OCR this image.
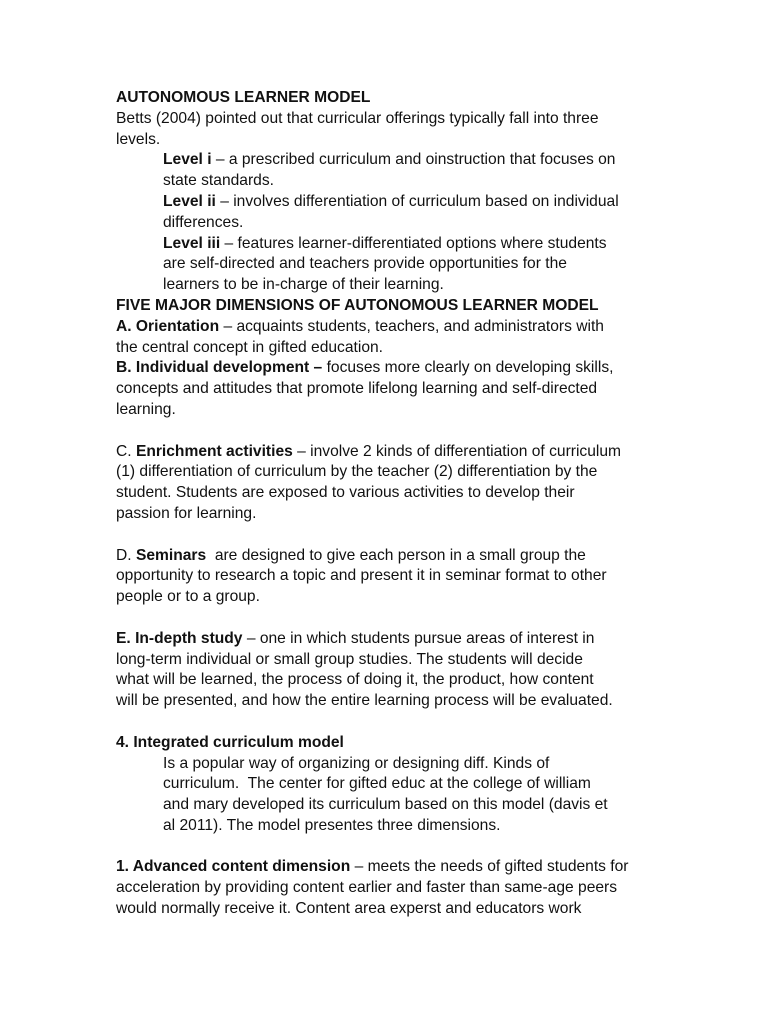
AUTONOMOUS LEARNER MODEL
Betts (2004) pointed out that curricular offerings typically fall into three
levels.
Level i – a prescribed curriculum and oinstruction that focuses on
state standards.
Level ii – involves differentiation of curriculum based on individual
differences.
Level iii – features learner-differentiated options where students
are self-directed and teachers provide opportunities for the
learners to be in-charge of their learning.
FIVE MAJOR DIMENSIONS OF AUTONOMOUS LEARNER MODEL
A. Orientation – acquaints students, teachers, and administrators with
the central concept in gifted education.
B. Individual development – focuses more clearly on developing skills,
concepts and attitudes that promote lifelong learning and self-directed
learning.
C. Enrichment activities – involve 2 kinds of differentiation of curriculum
(1) differentiation of curriculum by the teacher (2) differentiation by the
student. Students are exposed to various activities to develop their
passion for learning.
D. Seminars  are designed to give each person in a small group the
opportunity to research a topic and present it in seminar format to other
people or to a group.
E. In-depth study – one in which students pursue areas of interest in
long-term individual or small group studies. The students will decide
what will be learned, the process of doing it, the product, how content
will be presented, and how the entire learning process will be evaluated.
4. Integrated curriculum model
Is a popular way of organizing or designing diff. Kinds of
curriculum.  The center for gifted educ at the college of william
and mary developed its curriculum based on this model (davis et
al 2011). The model presentes three dimensions.
1. Advanced content dimension – meets the needs of gifted students for
acceleration by providing content earlier and faster than same-age peers
would normally receive it. Content area experst and educators work
